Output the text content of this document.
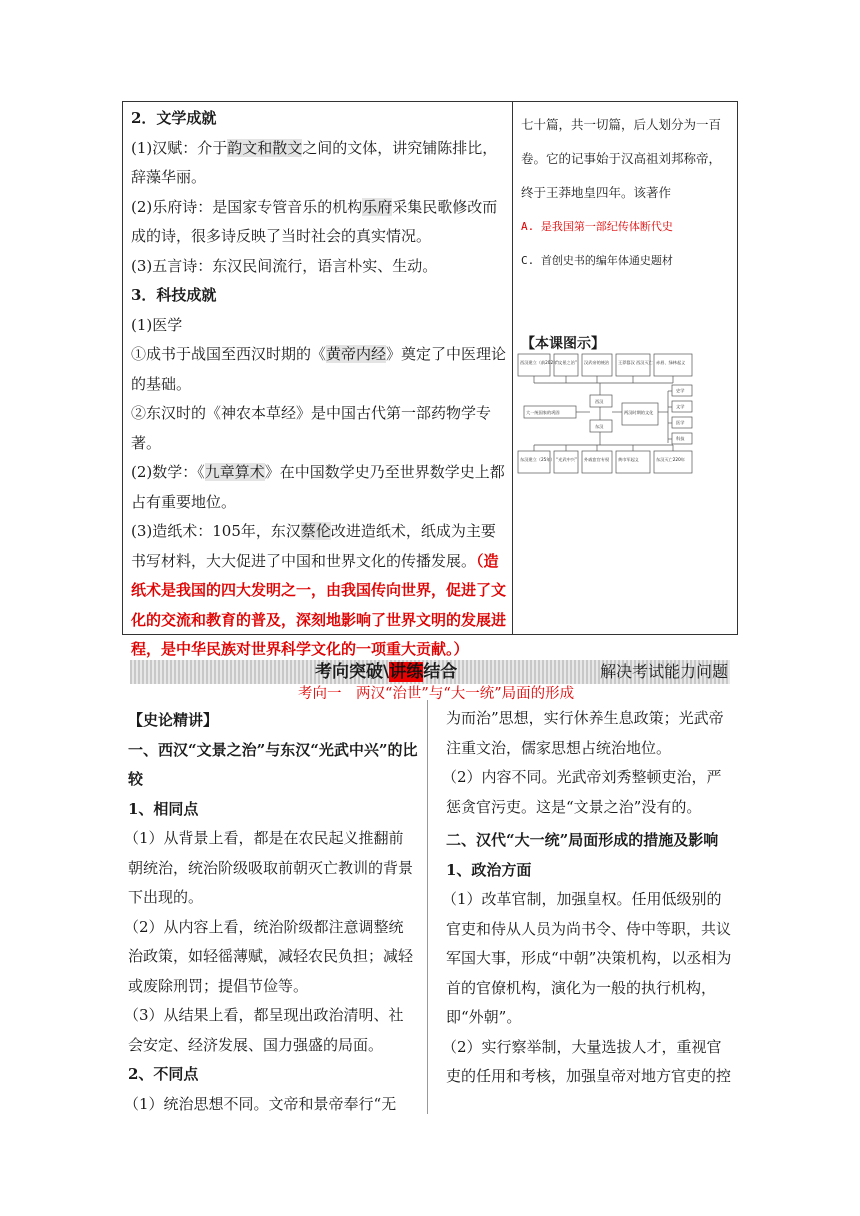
2．文学成就

(1)汉赋：介于韵文和散文之间的文体，讲究铺陈排比，辞藻华丽。

(2)乐府诗：是国家专管音乐的机构乐府采集民歌修改而成的诗，很多诗反映了当时社会的真实情况。

(3)五言诗：东汉民间流行，语言朴实、生动。

3．科技成就

(1)医学

①成书于战国至西汉时期的《黄帝内经》奠定了中医理论的基础。

②东汉时的《神农本草经》是中国古代第一部药物学专著。

(2)数学：《九章算术》在中国数学史乃至世界数学史上都占有重要地位。

(3)造纸术：105年，东汉蔡伦改进造纸术，纸成为主要书写材料，大大促进了中国和世界文化的传播发展。（造纸术是我国的四大发明之一，由我国传向世界，促进了文化的交流和教育的普及，深刻地影响了世界文明的发展进程，是中华民族对世界科学文化的一项重大贡献。）

七十篇，共一切篇，后人划分为一百卷。它的记事始于汉高祖刘邦称帝，终于王莽地皇四年。该著作

A. 是我国第一部纪传体断代史

C. 首创史书的编年体通史题材

【本课图示】

西汉建立（前202年）
“文景之治” 汉武帝的统治 王莽篡汉 西汉灭亡 赤眉、绿林起义
西汉
东汉
大一统国家的巩固	两汉时期的文化
史学
文学
医学
科技
东汉建立（25年） “光武中兴” 外戚宦官专权 黄巾军起义	东汉灭亡220年
考向突破\讲练结合	解决考试能力问题
考向一　两汉“治世”与“大一统”局面的形成

【史论精讲】

一、西汉“文景之治”与东汉“光武中兴”的比较

1、相同点

（1）从背景上看，都是在农民起义推翻前朝统治，统治阶级吸取前朝灭亡教训的背景下出现的。

（2）从内容上看，统治阶级都注意调整统治政策，如轻徭薄赋，减轻农民负担；减轻或废除刑罚；提倡节俭等。

（3）从结果上看，都呈现出政治清明、社会安定、经济发展、国力强盛的局面。

2、不同点

（1）统治思想不同。文帝和景帝奉行“无

为而治”思想，实行休养生息政策；光武帝注重文治，儒家思想占统治地位。

（2）内容不同。光武帝刘秀整顿吏治，严惩贪官污吏。这是“文景之治”没有的。

二、汉代“大一统”局面形成的措施及影响

1、政治方面

（1）改革官制，加强皇权。任用低级别的官吏和侍从人员为尚书令、侍中等职，共议军国大事，形成“中朝”决策机构，以丞相为首的官僚机构，演化为一般的执行机构，即“外朝”。

（2）实行察举制，大量选拔人才，重视官吏的任用和考核，加强皇帝对地方官吏的控
